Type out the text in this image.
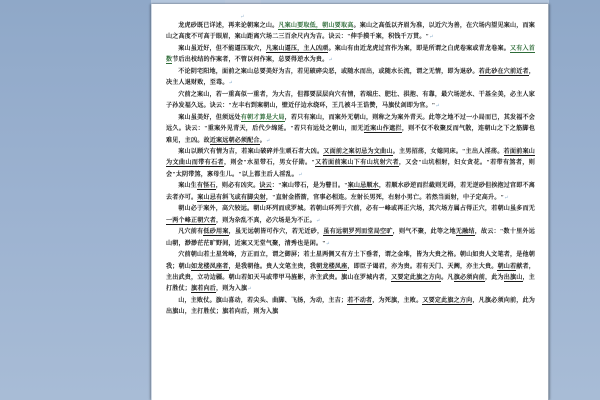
↵

龙虎砂既已详述，再来论朝案之山。凡案山要取低，朝山要取高。案山之高低以齐眉为准，以近穴为善，在穴场内望见案山，而案山之高度不可高于眼眉，案山距离穴场二三百余尺内为吉。诀云："伸手摸千案，积钱千万贯。"↵

案山虽近好，但不能逼压取穴，凡案山逼压，主人凶顽。案山有由近龙虎过宫作为案，即是所谓之白虎卷案或青龙卷案。又有入首数节后出枝结的作案者，不管以何作案，总要得逆水为贵。↵

不论阴宅阳地，面前之案山总要美好为吉，若见破碎尖恶，或随水而出，或随水长流，谓之无情，即为退砂。若此砂在穴前近者，决主人退财败，至毒。↵

穴前之案山，若一重高似一重者，为大吉，但都要层层向穴有情，若端庄、肥壮、拱抱、有靠，最穴场逆水、干基全美，必主人家子孙发福久远。诀云："左丰右到案朝山，壁近仔边水绕环，王几被斗王诰赞，马旗仗剑即为官。"↵

案山虽美好，但须远处有朝才算是大局，若只有案山，而案外无朝山，则称之为案外青天。此等之地不过一小局而已，其发福不会远久。诀云："重案外见青天，后代少绵延。"若只有远处之朝山，而无近案山作遮拦，则不仅不收聚反而气散，连朝山之下之筋脚也难见，主凶。故近案远朝必须配合。↵

案山以顾穴有情为吉，若案山破碎并生顽石者大凶。又面前之案切忌为文曲山。主男招荡，女媳同床。"主出人淫荡。若面前案山为文曲山而带有石者，则会"水星带石，男女仔勋。"又若面前案山下有山坑射穴者，又会"山坑相射，妇女贪花。"若带有煞者，则会"太阴带煞，寡母生儿。"以上都主后人淫乱。↵

案山生有怪石，则必有凶灾。诀云："案山带石，是为瞽目。"案山忌顺水，若顺水砂逆而拦截则无碍，若无逆砂但挨抱过宫即不离去者亦可。案山忌有斜飞或有脚尖射，"直射金搭箭，官事必相连。左射长男死，右射小男亡。若然当面射，中子定高升。"↵

朝山必于案外，高穴较远。朝山环列而成罗城。若朝山环列于穴前，必有一峰或再正穴场，其穴场方属占得正穴，若朝山虽多而无一两个峰正朝穴者，则为杂乱不真，必穴场是为不正。↵

凡穴前有低砂用案，虽无远朝皆可作穴，若无近砂，虽有远朝罗列而堂局空旷，则气不聚，此等之地无融结，故云："数十里外远山朝，渺渺茫茫旷野间，近案又无堂气聚，清秀也是闲。"↵

穴前朝山若土星耸峰，方正而立，谓之御屏；若土星两侧又有方土下垂者，谓之金堆，皆为大贵之格。朝山如贵人文笔者，是他朝我；朝山如龙楼凤座者，是我朝他。贵人文笔主贵，我朝龙楼凤座，即臣子谒君，亦为贵。若有天门、天阙，亦主大贵。朝山若献者，主出武贵，立功边疆。朝山若如天马或带甲马旌影，亦主武贵。旗山在罗城内者，又要定此旗之方向。凡旗必须向前，此为出旗山，主打胜仗；旗若向后，则为入旗↵

山，主败仗。旗山喜动，若尖头、曲脚、飞扬，为动，主吉；若不动者，为死旗，主败。又要定此旗之方向，凡旗必须向前，此为出旗山，主打胜仗；旗若向后，则为入旗
